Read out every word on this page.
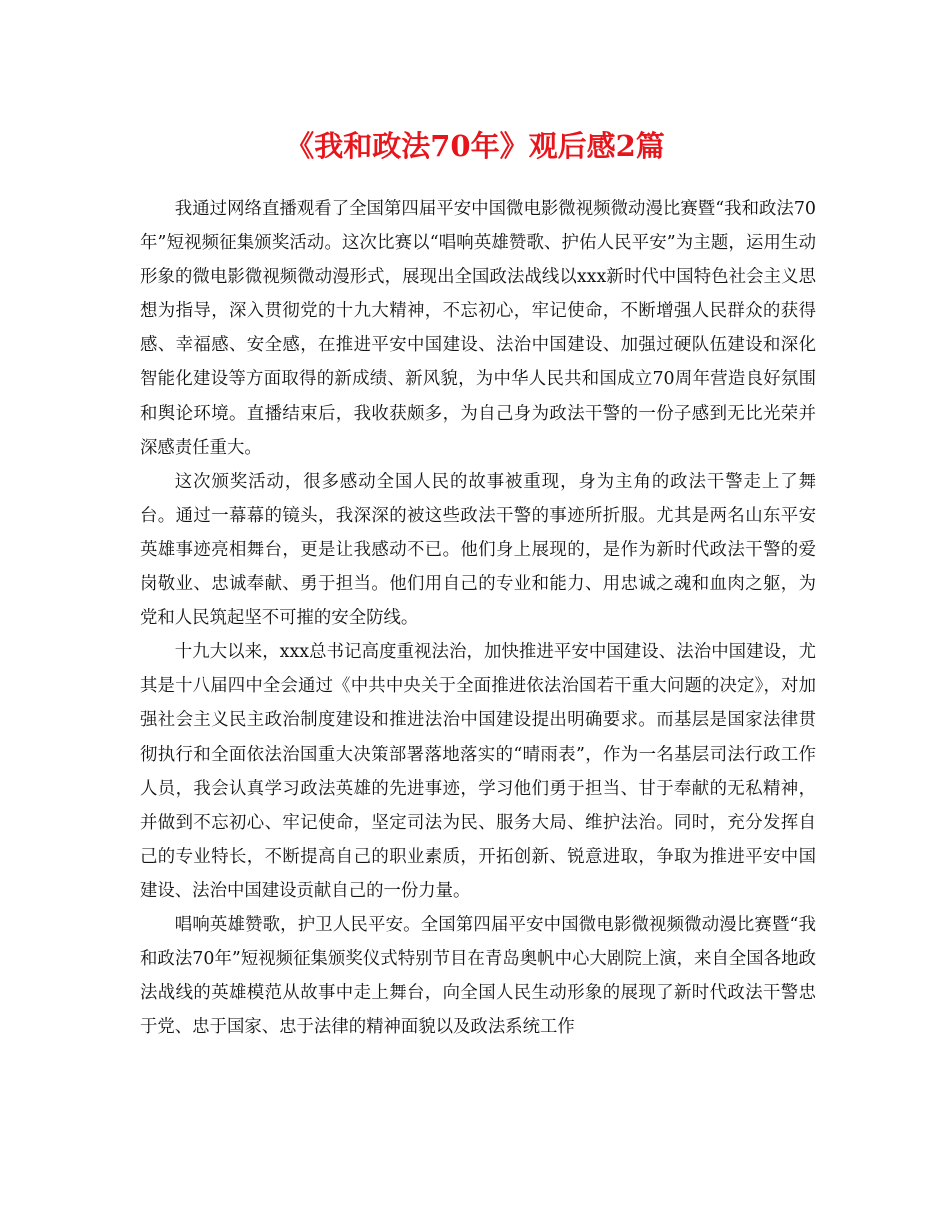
《我和政法70年》观后感2篇

我通过网络直播观看了全国第四届平安中国微电影微视频微动漫比赛暨“我和政法70年”短视频征集颁奖活动。这次比赛以“唱响英雄赞歌、护佑人民平安”为主题，运用生动形象的微电影微视频微动漫形式，展现出全国政法战线以xxx新时代中国特色社会主义思想为指导，深入贯彻党的十九大精神，不忘初心，牢记使命，不断增强人民群众的获得感、幸福感、安全感，在推进平安中国建设、法治中国建设、加强过硬队伍建设和深化智能化建设等方面取得的新成绩、新风貌，为中华人民共和国成立70周年营造良好氛围和舆论环境。直播结束后，我收获颇多，为自己身为政法干警的一份子感到无比光荣并深感责任重大。

这次颁奖活动，很多感动全国人民的故事被重现，身为主角的政法干警走上了舞台。通过一幕幕的镜头，我深深的被这些政法干警的事迹所折服。尤其是两名山东平安英雄事迹亮相舞台，更是让我感动不已。他们身上展现的，是作为新时代政法干警的爱岗敬业、忠诚奉献、勇于担当。他们用自己的专业和能力、用忠诚之魂和血肉之躯，为党和人民筑起坚不可摧的安全防线。

十九大以来，xxx总书记高度重视法治，加快推进平安中国建设、法治中国建设，尤其是十八届四中全会通过《中共中央关于全面推进依法治国若干重大问题的决定》，对加强社会主义民主政治制度建设和推进法治中国建设提出明确要求。而基层是国家法律贯彻执行和全面依法治国重大决策部署落地落实的“晴雨表”，作为一名基层司法行政工作人员，我会认真学习政法英雄的先进事迹，学习他们勇于担当、甘于奉献的无私精神，并做到不忘初心、牢记使命，坚定司法为民、服务大局、维护法治。同时，充分发挥自己的专业特长，不断提高自己的职业素质，开拓创新、锐意进取，争取为推进平安中国建设、法治中国建设贡献自己的一份力量。

唱响英雄赞歌，护卫人民平安。全国第四届平安中国微电影微视频微动漫比赛暨“我和政法70年”短视频征集颁奖仪式特别节目在青岛奥帆中心大剧院上演，来自全国各地政法战线的英雄模范从故事中走上舞台，向全国人民生动形象的展现了新时代政法干警忠于党、忠于国家、忠于法律的精神面貌以及政法系统工作
